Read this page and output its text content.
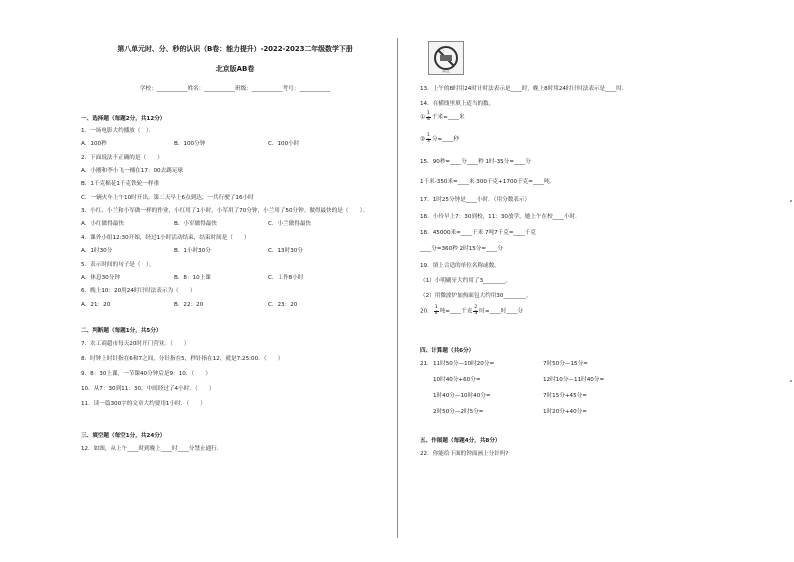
第八单元时、分、秒的认识（B卷：能力提升）-2022-2023二年级数学下册
北京版AB卷
学校：___________姓名：___________班级：___________考号：___________
一、选择题（每题2分，共12分）
1．一场电影大约播放（　）．
A．100秒	B．100分钟	C．100小时
2．下面说法不正确的是（　　）
A．小刚和李小飞一桶在17：00去踢足球
B．1千克棉花1千克铁轮一样重
C．一辆火车上午10时开出，第二天早上6点到达，一共行驶了16小时
3．小红、小兰和小军做一样的作业，小红用了1小时，小军用了70分钟，小兰用了50分钟。做得最快的是（　　）。
A．小红做得最快	B．小军做得最快	C．小兰做得最快
4．课外小组12:30开始，经过1小时活动结束，结束时间是（　　）
A．1时30分	B．1小时30分	C．13时30分
5．表示时间的句子是（　）。
A．休息30分钟	B．8：10上课	C．工作8小时
6．晚上10：20用24时计时法表示为（　　）
A．21：20	B．22：20	C．23：20
二、判断题（每题1分，共5分）
7．农工商超市每天20时开门营业。（　　）
8．时钟上时针指在6和7之间，分针指在5，秒针指在12，就是7:25:00．（　　）
9．8：30上课，一节课40分钟后是9：10．（　　）
10．从7：30到11：30，中间经过了4小时．（　　）
11．读一篇300字的文章大约要用1小时．（　　）
三、填空题（每空1分，共24分）
12．如图，从上午____时到晚上____时____分禁止通行．
禁止
13．上午的8时用24时计时法表示是____时，晚上8时用24时计时法表示是____时．
14．在横线里填上适当的数。
① $\frac{1}{8}$ 千米=____米
② $\frac{1}{3}$ 分=____秒
15．90秒=____分____秒 1时-35分=____分
1千米-350米=____米 300千克+1700千克=____吨．
17．1时25分钟是____小时．（用分数表示）
18．小玲早上7：30到校，11：30放学，她上午在校____小时．
18．45000米=____千米 7吨7千克=____千克
____分=360秒 2时15分=____分
19．填上合适的单位名称或数。
（1）小明刷牙大约用了3________。
（2）用微波炉加热面包大约用30________。
20． $\frac{1}{4}$ 吨=____千克 $\frac{2}{3}$ 时=____时____分
四、计算题（共6分）
21． 11时50分—10时20分=	7时50分—15分=
10时40分+60分=	12时10分—11时40分=
1时40分—10时40分=	7时15分+45分=
2时50分—2时5分=	1时20分+40分=
五、作图题（每题4分，共8分）
22．你能给下面的钟面画上分针吗?
